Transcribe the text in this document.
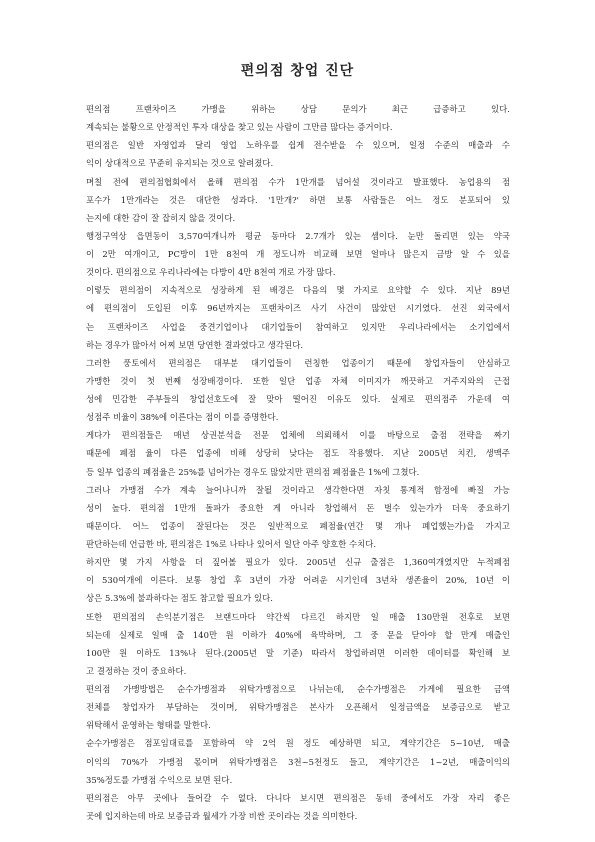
편의점 창업 진단
편의점 프랜차이즈 가맹을 위하는 상담 문의가 최근 급증하고 있다.
계속되는 불황으로 안정적인 투자 대상을 찾고 있는 사람이 그만큼 많다는 증거이다.
편의점은 일반 자영업과 달리 영업 노하우를 쉽게 전수받을 수 있으며, 일정 수준의 매출과 수
익이 상대적으로 꾸준히 유지되는 것으로 알려졌다.
며칠 전에 편의점협회에서 올해 편의점 수가 1만개를 넘어설 것이라고 발표했다. 농업용의 점
포수가 1만개라는 것은 대단한 성과다. '1만개?' 하면 보통 사람들은 어느 정도 분포되어 있
는지에 대한 감이 잘 잡히지 않을 것이다.
행정구역상 읍면동이 3,570여개니까 평균 동마다 2.7개가 있는 셈이다. 눈만 돌리면 있는 약국
이 2만 여개이고, PC방이 1만 8천여 개 정도니까 비교해 보면 얼마나 많은지 금방 알 수 있을
것이다. 편의점으로 우리나라에는 다방이 4만 8천여 개로 가장 많다.
이렇듯 편의점이 지속적으로 성장하게 된 배경은 다음의 몇 가지로 요약할 수 있다. 지난 89년
에 편의점이 도입된 이후 96년까지는 프랜차이즈 사기 사건이 많았던 시기였다. 선진 외국에서
는 프랜차이즈 사업을 중견기업이나 대기업들이 참여하고 있지만 우리나라에서는 소기업에서
하는 경우가 많아서 어찌 보면 당연한 결과였다고 생각된다.
그러한 풍토에서 편의점은 대부분 대기업들이 런칭한 업종이기 때문에 창업자들이 안심하고
가맹한 것이 첫 번째 성장배경이다. 또한 일단 업종 자체 이미지가 깨끗하고 거주지와의 근접
성에 민감한 주부들의 창업선호도에 잘 맞아 떨어진 이유도 있다. 실제로 편의점주 가운데 여
성점주 비율이 38%에 이른다는 점이 이를 증명한다.
게다가 편의점들은 매년 상권분석을 전문 업체에 의뢰해서 이를 바탕으로 출점 전략을 짜기
때문에 폐점 율이 다른 업종에 비해 상당히 낮다는 점도 작용했다. 지난 2005년 치킨, 생맥주
등 일부 업종의 폐점율은 25%를 넘어가는 경우도 많았지만 편의점 폐점율은 1%에 그쳤다.
그러나 가맹점 수가 계속 늘어나니까 잘될 것이라고 생각한다면 자칫 통계적 함정에 빠질 가능
성이 높다. 편의점 1만개 돌파가 중요한 게 아니라 창업해서 돈 벌수 있는가가 더욱 중요하기
때문이다. 어느 업종이 잘된다는 것은 일반적으로 폐점율(연간 몇 개나 폐업했는가)을 가지고
판단하는데 언급한 바, 편의점은 1%로 나타나 있어서 일단 아주 양호한 수치다.
하지만 몇 가지 사항을 더 짚어볼 필요가 있다. 2005년 신규 출점은 1,360여개였지만 누적폐점
이 530여개에 이른다. 보통 창업 후 3년이 가장 어려운 시기인데 3년차 생존율이 20%, 10년 이
상은 5.3%에 불과하다는 점도 참고할 필요가 있다.
또한 편의점의 손익분기점은 브랜드마다 약간씩 다르긴 하지만 일 매출 130만원 전후로 보면
되는데 실제로 일매 출 140만 원 이하가 40%에 육박하며, 그 중 문을 닫아야 할 만게 매출인
100만 원 이하도 13%나 된다.(2005년 말 기준) 따라서 창업하려면 이러한 데이터를 확인해 보
고 결정하는 것이 중요하다.
편의점 가맹방법은 순수가맹점과 위탁가맹점으로 나뉘는데, 순수가맹점은 가게에 필요한 금액
전체를 창업자가 부담하는 것이며, 위탁가맹점은 본사가 오픈해서 일정금액을 보증금으로 받고
위탁해서 운영하는 형태를 말한다.
순수가맹점은 점포임대료를 포함하여 약 2억 원 정도 예상하면 되고, 계약기간은 5~10년, 매출
이익의 70%가 가맹점 몫이며 위탁가맹점은 3천~5천정도 들고, 계약기간은 1~2년, 매출이익의
35%정도를 가맹점 수익으로 보면 된다.
편의점은 아무 곳에나 들어갈 수 없다. 다니다 보시면 편의점은 동네 중에서도 가장 자리 좋은
곳에 입지하는데 바로 보증금과 월세가 가장 비싼 곳이라는 것을 의미한다.
